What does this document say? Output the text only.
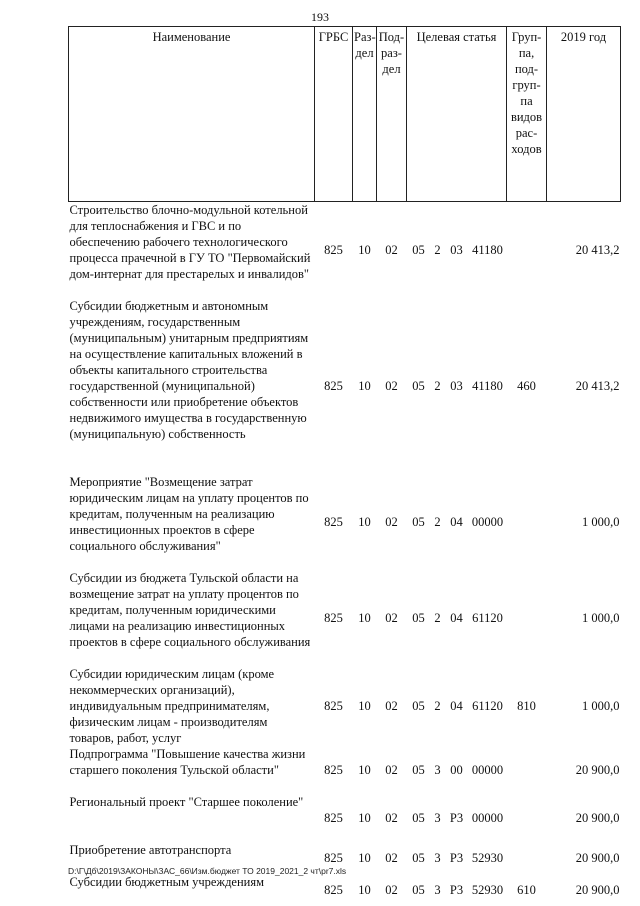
193
Наименование	ГРБС	Раз-дел	Под-раз-дел	Целевая статья				Груп-па, под-груп-па видов рас-ходов	2019 год
Строительство блочно-модульной котельной для теплоснабжения и ГВС и по обеспечению рабочего технологического процесса прачечной в ГУ ТО "Первомайский дом-интернат для престарелых и инвалидов"	825	10	02	05	2	03	41180		20 413,2
Субсидии бюджетным и автономным учреждениям, государственным (муниципальным) унитарным предприятиям на осуществление капитальных вложений в объекты капитального строительства государственной (муниципальной) собственности или приобретение объектов недвижимого имущества в государственную (муниципальную) собственность	825	10	02	05	2	03	41180	460	20 413,2
Мероприятие "Возмещение затрат юридическим лицам на уплату процентов по кредитам, полученным на реализацию инвестиционных проектов в сфере социального обслуживания"	825	10	02	05	2	04	00000		1 000,0
Субсидии из бюджета Тульской области на возмещение затрат на уплату процентов по кредитам, полученным юридическими лицами на реализацию инвестиционных проектов в сфере социального обслуживания	825	10	02	05	2	04	61120		1 000,0
Субсидии юридическим лицам (кроме некоммерческих организаций), индивидуальным предпринимателям, физическим лицам - производителям товаров, работ, услуг	825	10	02	05	2	04	61120	810	1 000,0
Подпрограмма "Повышение качества жизни старшего поколения Тульской области"	825	10	02	05	3	00	00000		20 900,0
Региональный проект "Старшее поколение"	825	10	02	05	3	Р3	00000		20 900,0
Приобретение автотранспорта	825	10	02	05	3	Р3	52930		20 900,0
Субсидии бюджетным учреждениям	825	10	02	05	3	Р3	52930	610	20 900,0
D:\Г\Дб\2019\ЗАКОНЫ\ЗАС_66\Изм.бюджет ТО 2019_2021_2 чт\pr7.xls
